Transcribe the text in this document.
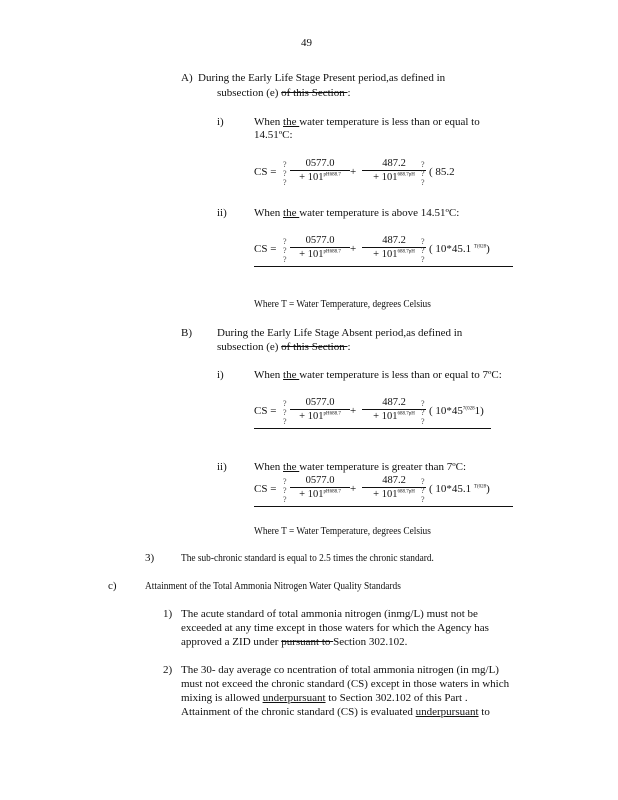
49
A) During the Early Life Stage Present period,as defined in
subsection (e) of this Section :
i)	When the water temperature is less than or equal to
14.51ºC:
CS =
?
?
? $\frac{0577.0}{+ 101^{pH688.7}} + \frac{487.2}{+ 101^{688.7pH}}$
?
?
?
( 85.2
ii) When the water temperature is above 14.51ºC:
CS =
?
?
? $\frac{0577.0}{+ 101^{pH688.7}} + \frac{487.2}{+ 101^{688.7pH}}$
?
?
?
( 10*45.1 $^{T(028}$)
Where T = Water Temperature, degrees Celsius
B) During the Early Life Stage Absent period,as defined in
subsection (e) of this Section :
i)	When the water temperature is less than or equal to 7ºC:
CS =
?
?
? $\frac{0577.0}{+ 101^{pH688.7}} + \frac{487.2}{+ 101^{688.7pH}}$
?
?
?
( $10*45^{7(028}1$)
ii) When the water temperature is greater than 7ºC:
CS =
?
?
? $\frac{0577.0}{+ 101^{pH688.7}} + \frac{487.2}{+ 101^{688.7pH}}$
?
?
?
( 10*45.1 $^{T(028}$)
Where T = Water Temperature, degrees Celsius
3) The sub-chronic standard is equal to 2.5 times the chronic standard.
c)	Attainment of the Total Ammonia Nitrogen Water Quality Standards
1) The acute standard of total ammonia nitrogen (inmg/L) must not be
exceeded at any time except in those waters for which the Agency has
approved a ZID under pursuant to Section 302.102.
2) The 30- day average co ncentration of total ammonia nitrogen (in mg/L)
must not exceed the chronic standard (CS) except in those waters in which
mixing is allowed underpursuant to Section 302.102 of this Part .
Attainment of the chronic standard (CS) is evaluated underpursuant to
